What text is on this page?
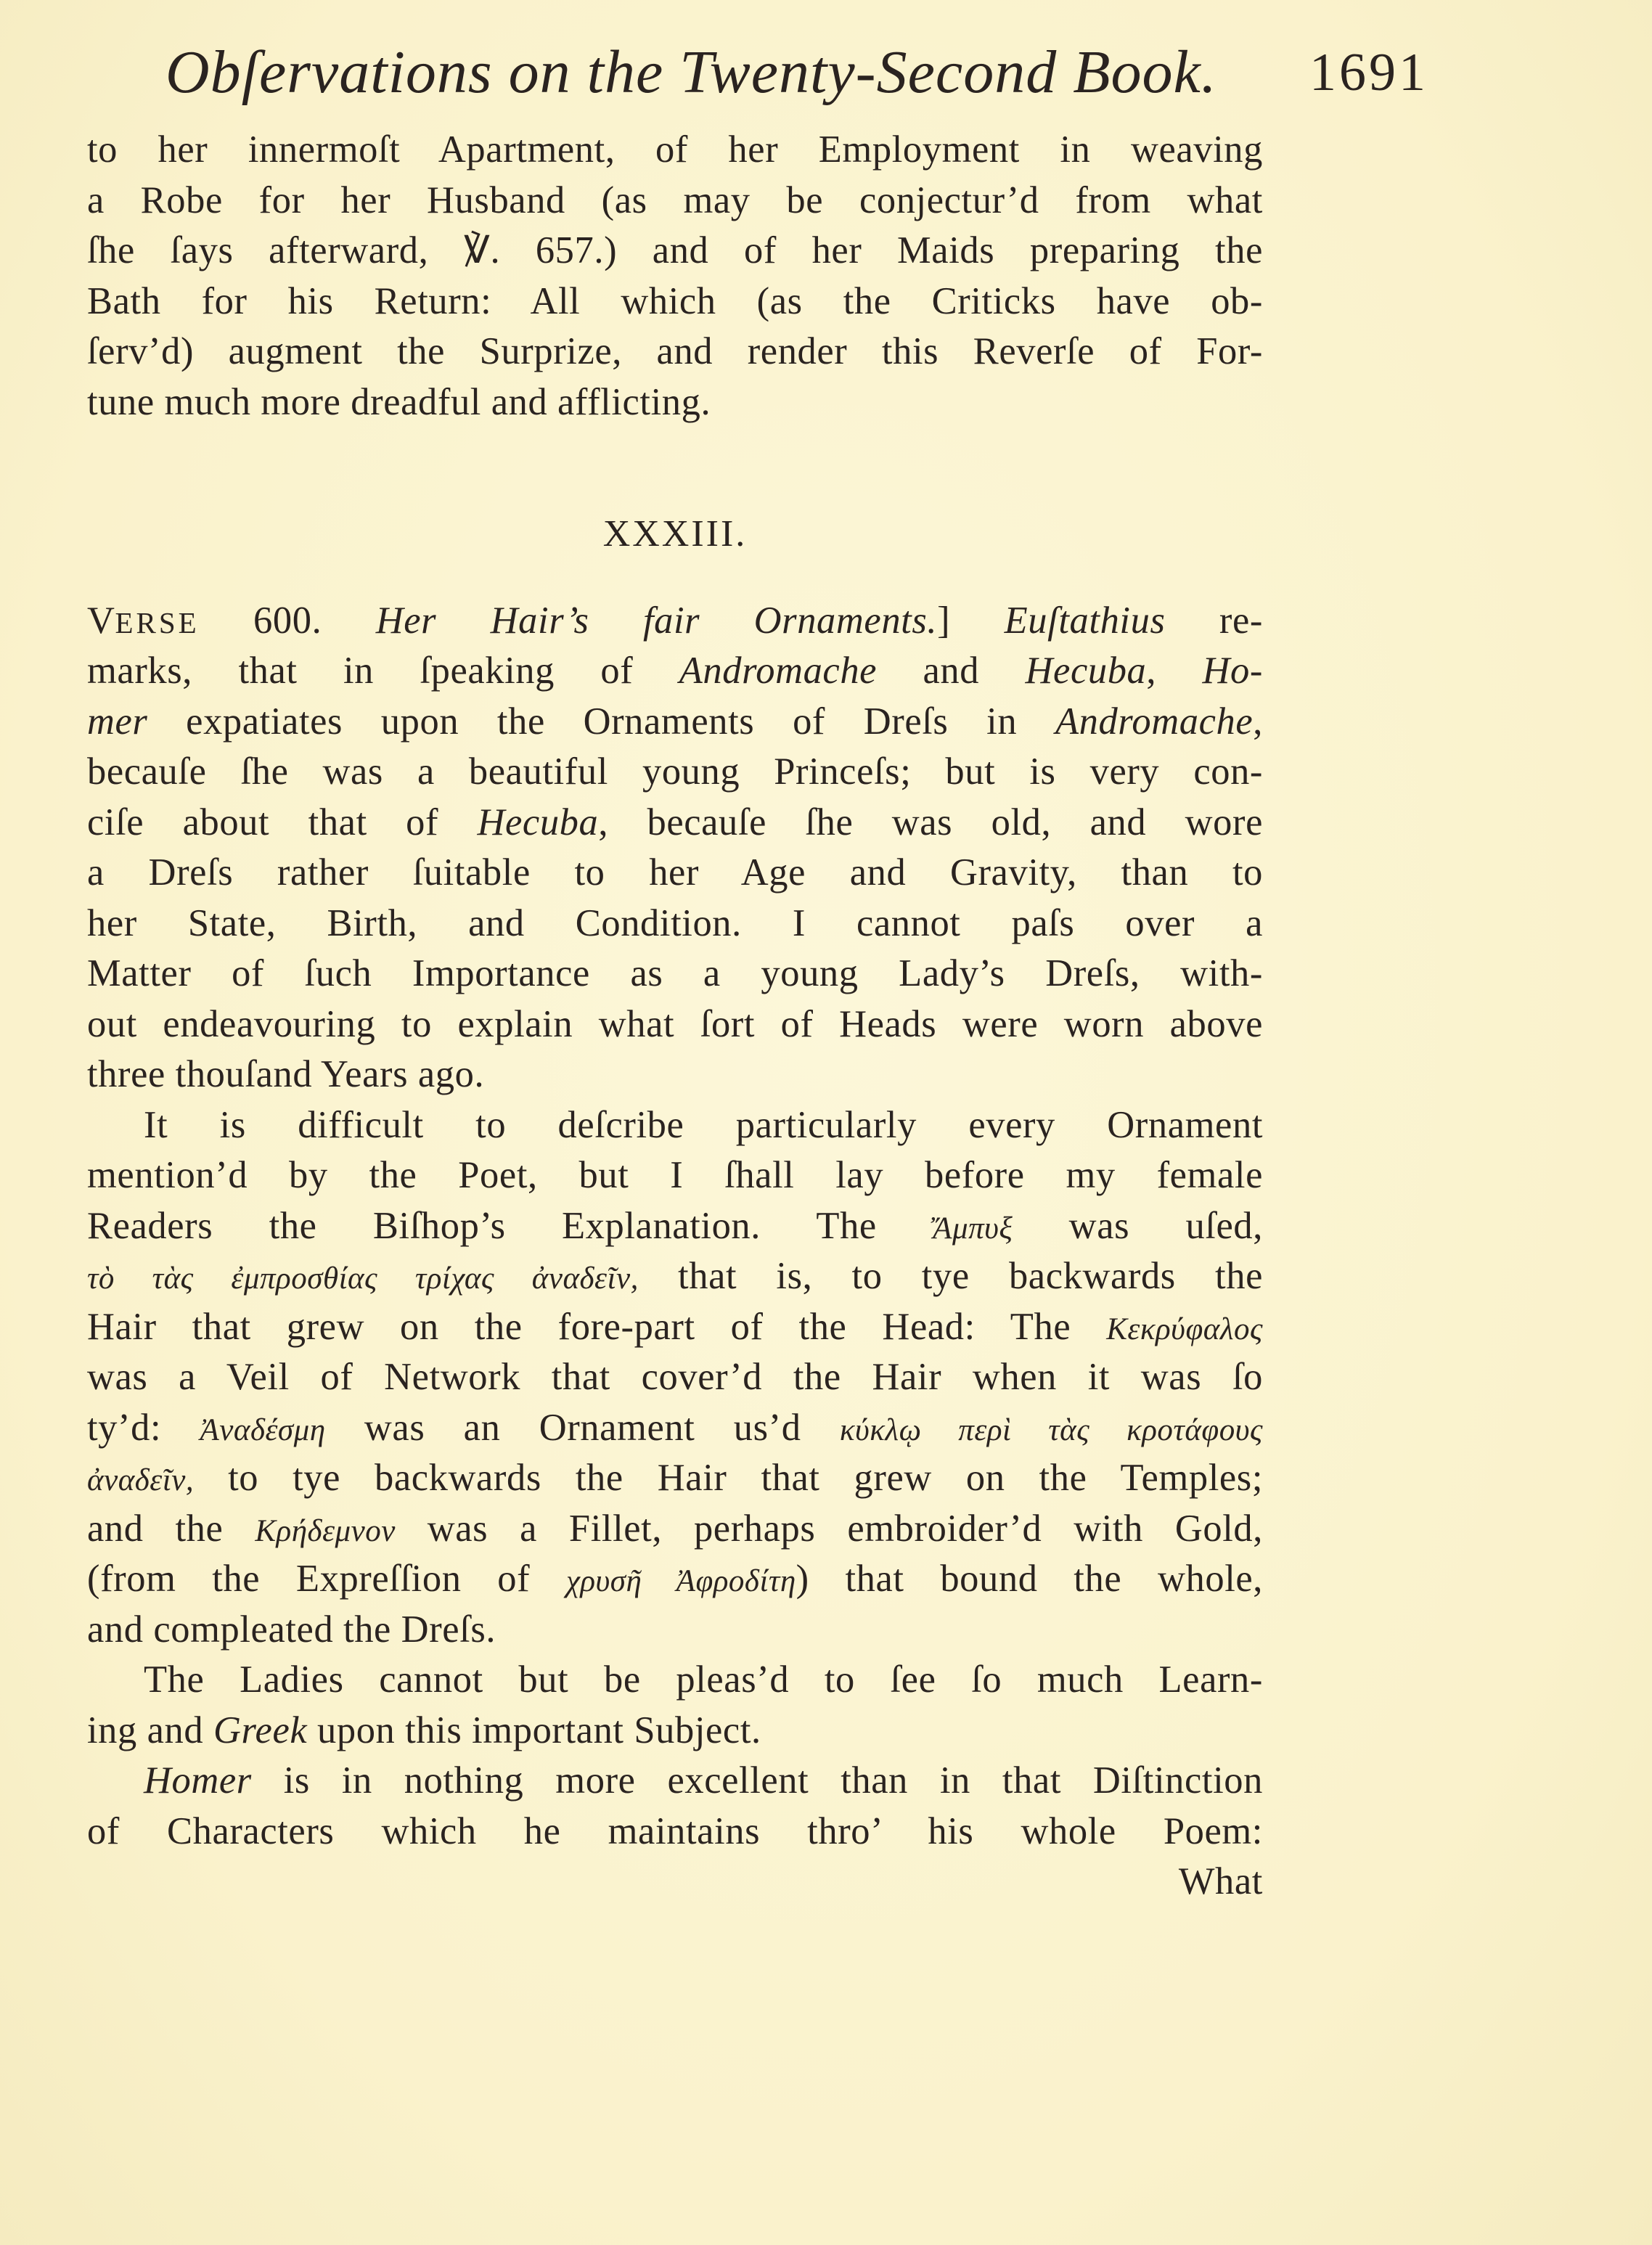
Obſervations on the Twenty-Second Book. 1691
to her innermoſt Apartment, of her Employment in weaving
a Robe for her Husband (as may be conjectur’d from what
ſhe ſays afterward, ℣. 657.) and of her Maids preparing the
Bath for his Return: All which (as the Criticks have ob-
ſerv’d) augment the Surprize, and render this Reverſe of For-
tune much more dreadful and afflicting.
XXXIII.
VERSE 600. Her Hair’s fair Ornaments.] Euſtathius re-
marks, that in ſpeaking of Andromache and Hecuba, Ho-
mer expatiates upon the Ornaments of Dreſs in Andromache,
becauſe ſhe was a beautiful young Princeſs; but is very con-
ciſe about that of Hecuba, becauſe ſhe was old, and wore
a Dreſs rather ſuitable to her Age and Gravity, than to
her State, Birth, and Condition. I cannot paſs over a
Matter of ſuch Importance as a young Lady’s Dreſs, with-
out endeavouring to explain what ſort of Heads were worn above
three thouſand Years ago.
It is difficult to deſcribe particularly every Ornament
mention’d by the Poet, but I ſhall lay before my female
Readers the Biſhop’s Explanation. The Ἄμπυξ was uſed,
τὸ τὰς ἐμπροσθίας τρίχας ἀναδεῖν, that is, to tye backwards the
Hair that grew on the fore-part of the Head: The Κεκρύφαλος
was a Veil of Network that cover’d the Hair when it was ſo
ty’d: Ἀναδέσμη was an Ornament us’d κύκλῳ περὶ τὰς κροτάφους
ἀναδεῖν, to tye backwards the Hair that grew on the Temples;
and the Κρήδεμνον was a Fillet, perhaps embroider’d with Gold,
(from the Expreſſion of χρυσῆ Ἀφροδίτη) that bound the whole,
and compleated the Dreſs.
The Ladies cannot but be pleas’d to ſee ſo much Learn-
ing and Greek upon this important Subject.
Homer is in nothing more excellent than in that Diſtinction
of Characters which he maintains thro’ his whole Poem:
What
